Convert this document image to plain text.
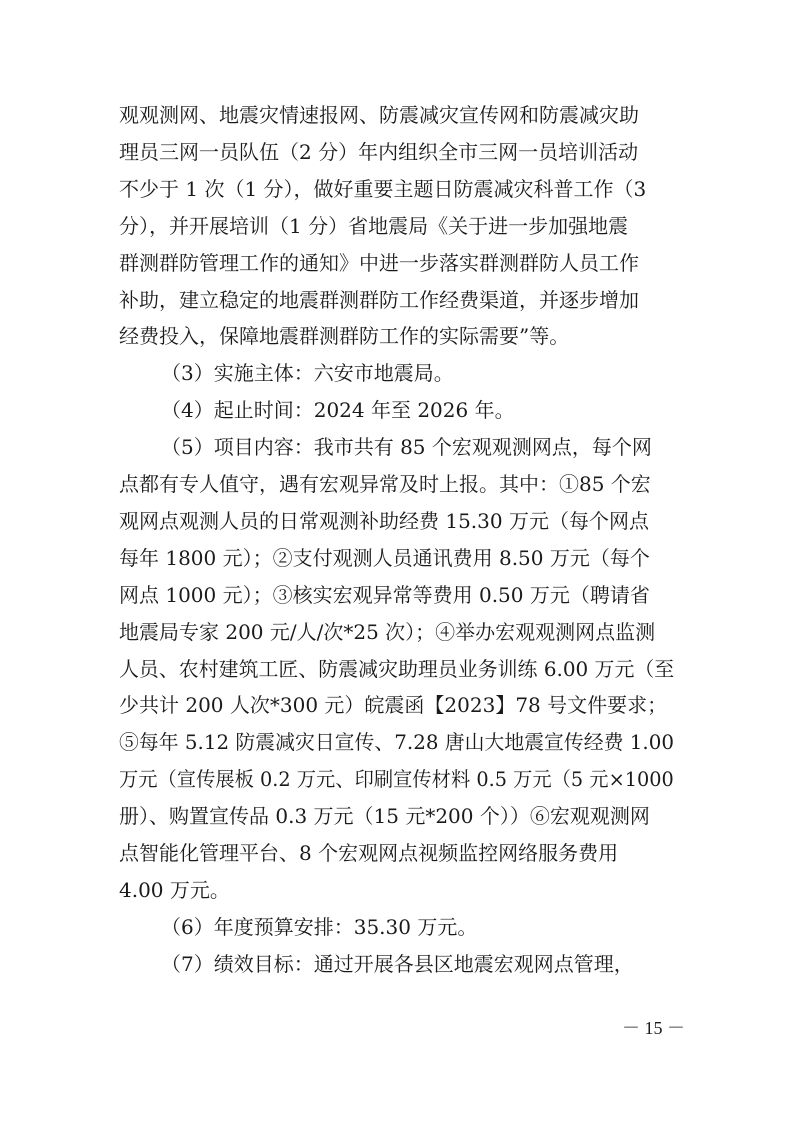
观观测网、地震灾情速报网、防震减灾宣传网和防震减灾助
理员三网一员队伍（2 分）年内组织全市三网一员培训活动
不少于 1 次（1 分），做好重要主题日防震减灾科普工作（3
分），并开展培训（1 分）省地震局《关于进一步加强地震
群测群防管理工作的通知》中进一步落实群测群防人员工作
补助，建立稳定的地震群测群防工作经费渠道，并逐步增加
经费投入，保障地震群测群防工作的实际需要”等。
（3）实施主体：六安市地震局。
（4）起止时间：2024 年至 2026 年。
（5）项目内容：我市共有 85 个宏观观测网点，每个网
点都有专人值守，遇有宏观异常及时上报。其中：①85 个宏
观网点观测人员的日常观测补助经费 15.30 万元（每个网点
每年 1800 元）；②支付观测人员通讯费用 8.50 万元（每个
网点 1000 元）；③核实宏观异常等费用 0.50 万元（聘请省
地震局专家 200 元/人/次*25 次）；④举办宏观观测网点监测
人员、农村建筑工匠、防震减灾助理员业务训练 6.00 万元（至
少共计 200 人次*300 元）皖震函【2023】78 号文件要求；
⑤每年 5.12 防震减灾日宣传、7.28 唐山大地震宣传经费 1.00
万元（宣传展板 0.2 万元、印刷宣传材料 0.5 万元（5 元×1000
册）、购置宣传品 0.3 万元（15 元*200 个））⑥宏观观测网
点智能化管理平台、8 个宏观网点视频监控网络服务费用
4.00 万元。
（6）年度预算安排：35.30 万元。
（7）绩效目标：通过开展各县区地震宏观网点管理，
－ 15 －
